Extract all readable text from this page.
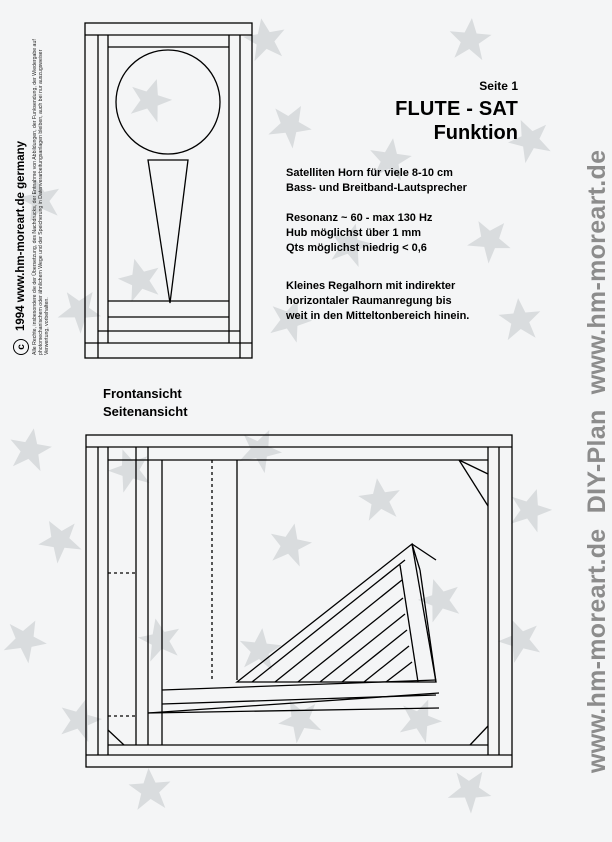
Seite 1
FLUTE - SAT
Funktion
Satelliten Horn für viele 8-10 cm
Bass- und Breitband-Lautsprecher
Resonanz ~ 60 - max 130 Hz
Hub möglichst über 1 mm
Qts möglichst niedrig < 0,6
Kleines Regalhorn mit indirekter
horizontaler Raumanregung bis
weit in den Mitteltonbereich hinein.
Frontansicht
Seitenansicht
c
1994 www.hm-moreart.de germany Alle Rechte, insbesondere die der Übersetzung, des Nachdrucks, der Entnahme von Abbildungen, der Funksendung, der Wiedergabe auf photomechanischem oder ähnlichem Wege und der Speicherung in Datenverarbeitungsanlagen bleiben, auch bei nur auszugsweiser Verwertung, vorbehalten.	www.hm-moreart.de DIY-Plan www.hm-moreart.de
